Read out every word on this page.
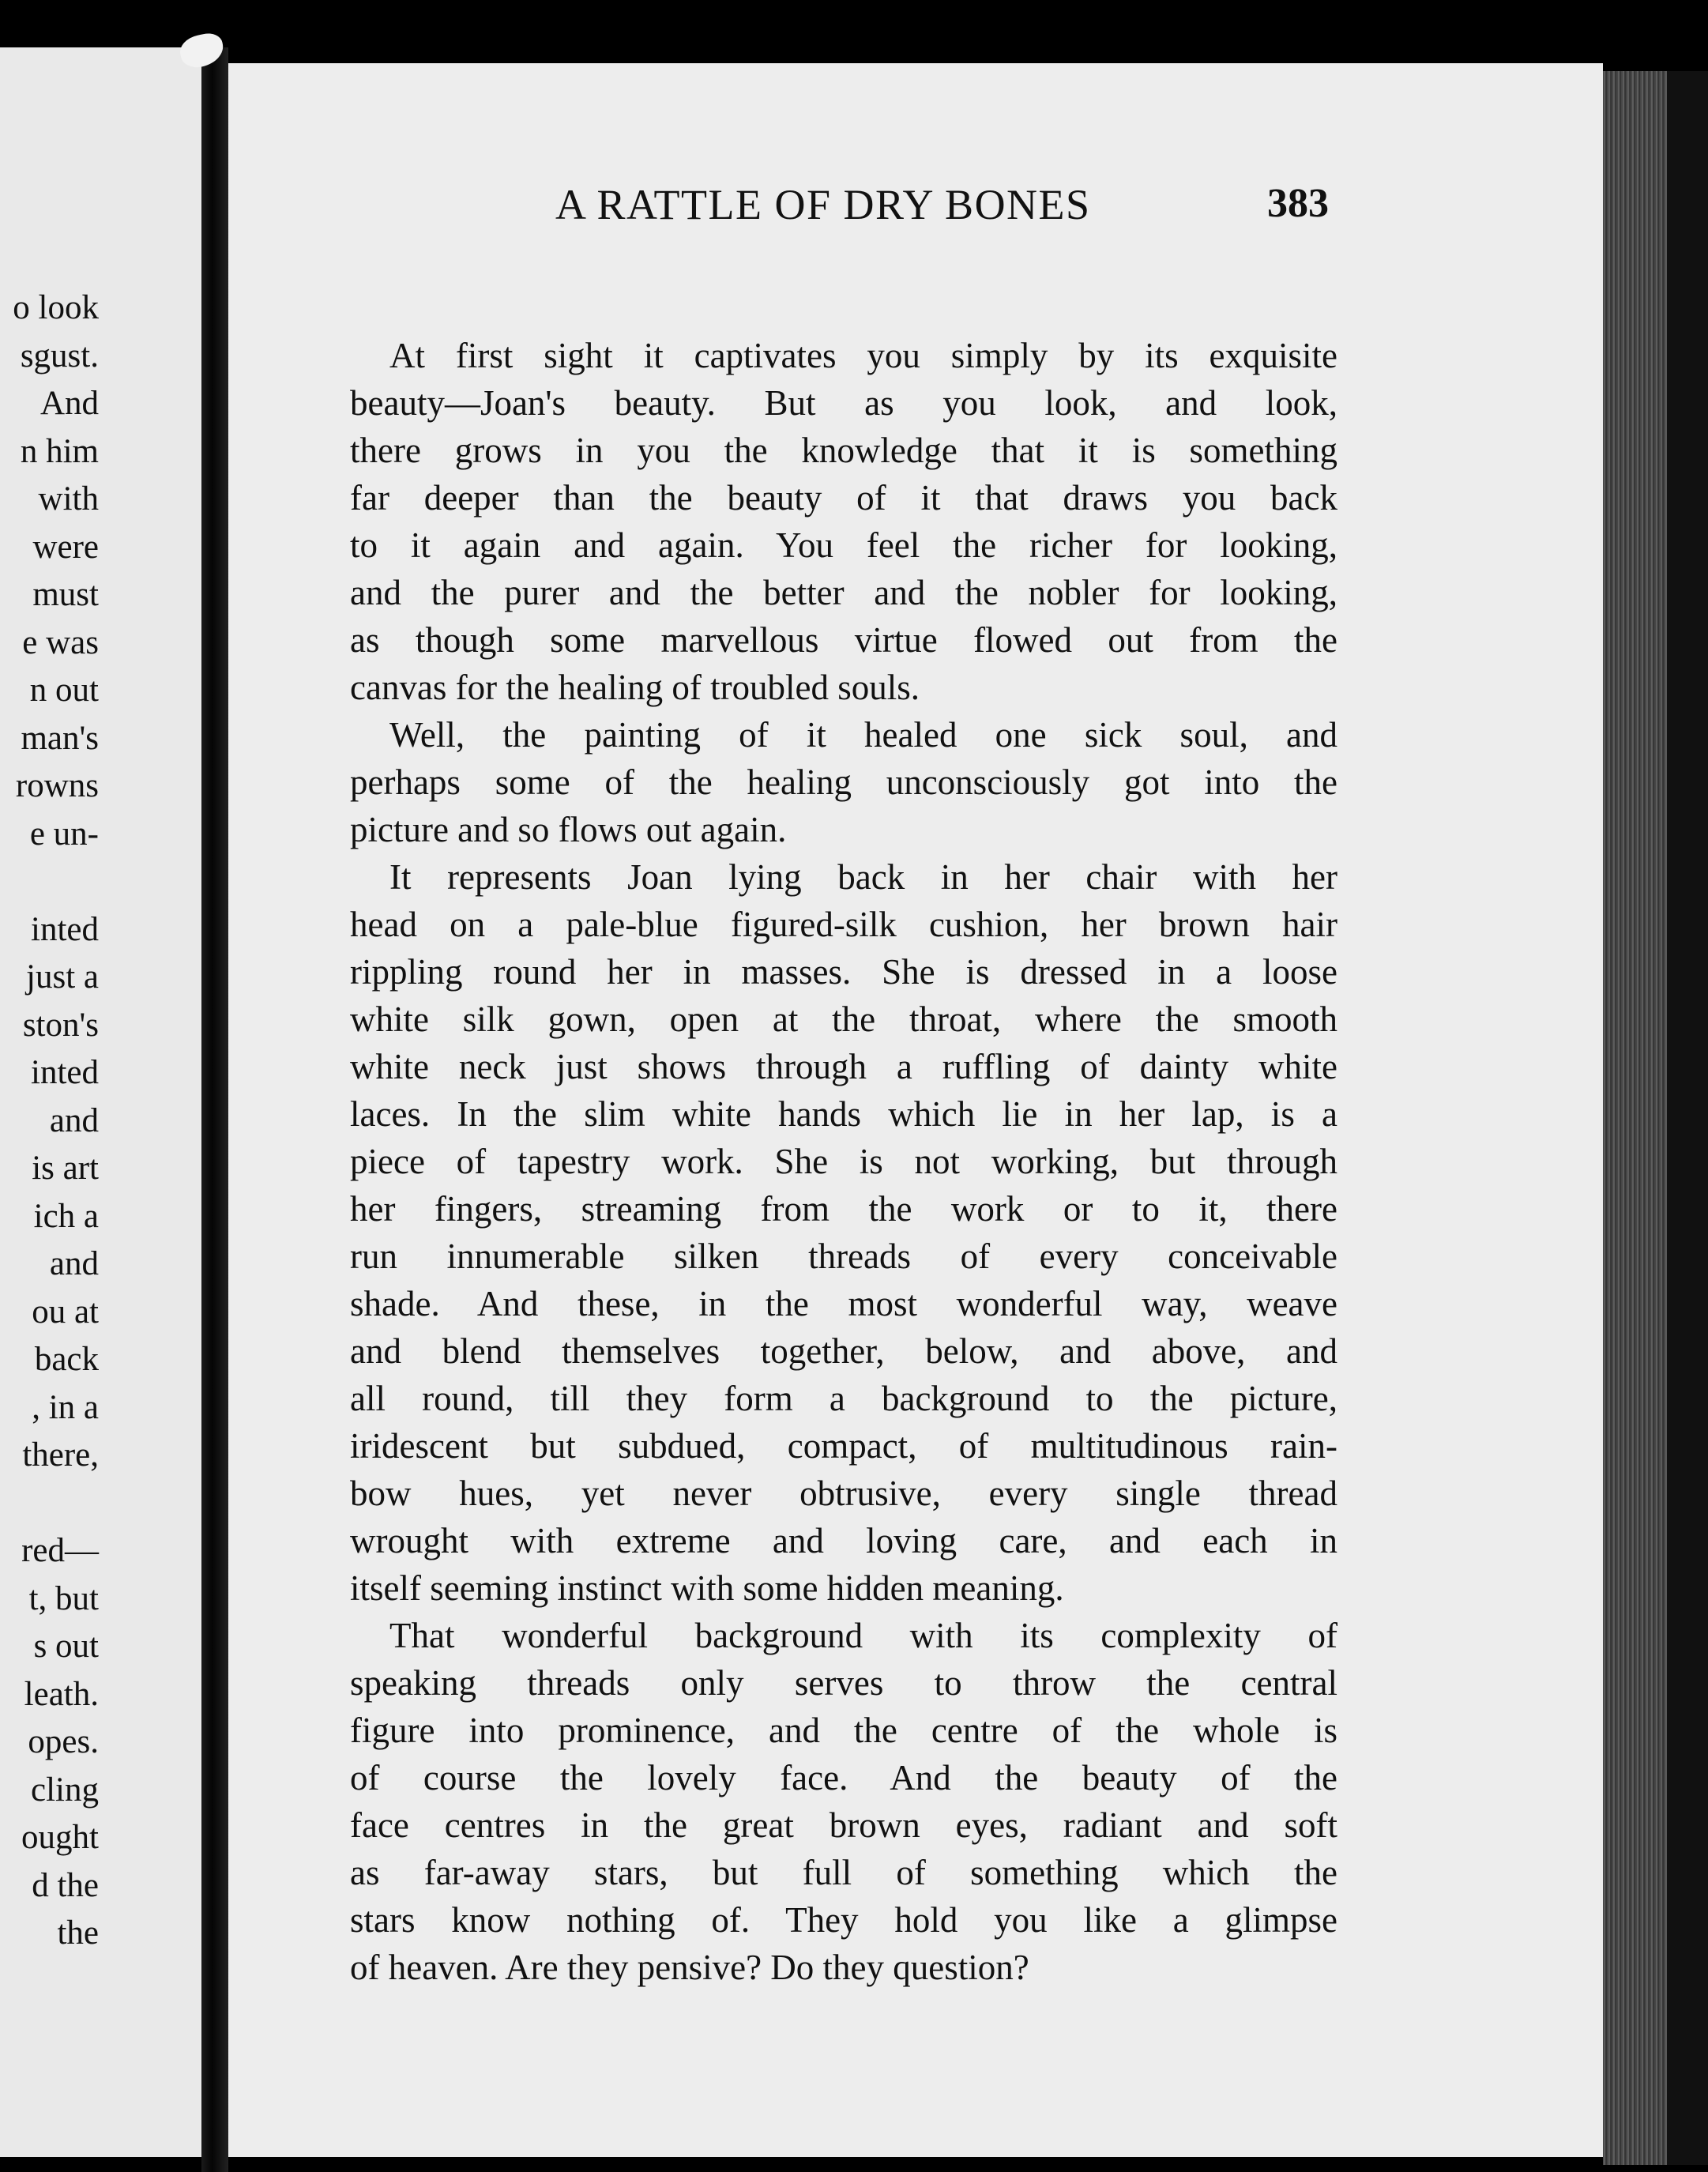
o look
sgust.
And
n him
with
were
must
e was
n out
man's
rowns
e un-
inted
just a
ston's
inted
and
is art
ich a
and
ou at
back
, in a
there,
red—
t, but
s out
leath.
opes.
cling
ought
d the
the
A RATTLE OF DRY BONES	383
At first sight it captivates you simply by its exquisite
beauty—Joan's beauty. But as you look, and look,
there grows in you the knowledge that it is something
far deeper than the beauty of it that draws you back
to it again and again. You feel the richer for looking,
and the purer and the better and the nobler for looking,
as though some marvellous virtue flowed out from the
canvas for the healing of troubled souls.
Well, the painting of it healed one sick soul, and
perhaps some of the healing unconsciously got into the
picture and so flows out again.
It represents Joan lying back in her chair with her
head on a pale-blue figured-silk cushion, her brown hair
rippling round her in masses. She is dressed in a loose
white silk gown, open at the throat, where the smooth
white neck just shows through a ruffling of dainty white
laces. In the slim white hands which lie in her lap, is a
piece of tapestry work. She is not working, but through
her fingers, streaming from the work or to it, there
run innumerable silken threads of every conceivable
shade. And these, in the most wonderful way, weave
and blend themselves together, below, and above, and
all round, till they form a background to the picture,
iridescent but subdued, compact, of multitudinous rain-
bow hues, yet never obtrusive, every single thread
wrought with extreme and loving care, and each in
itself seeming instinct with some hidden meaning.
That wonderful background with its complexity of
speaking threads only serves to throw the central
figure into prominence, and the centre of the whole is
of course the lovely face. And the beauty of the
face centres in the great brown eyes, radiant and soft
as far-away stars, but full of something which the
stars know nothing of. They hold you like a glimpse
of heaven. Are they pensive? Do they question?
